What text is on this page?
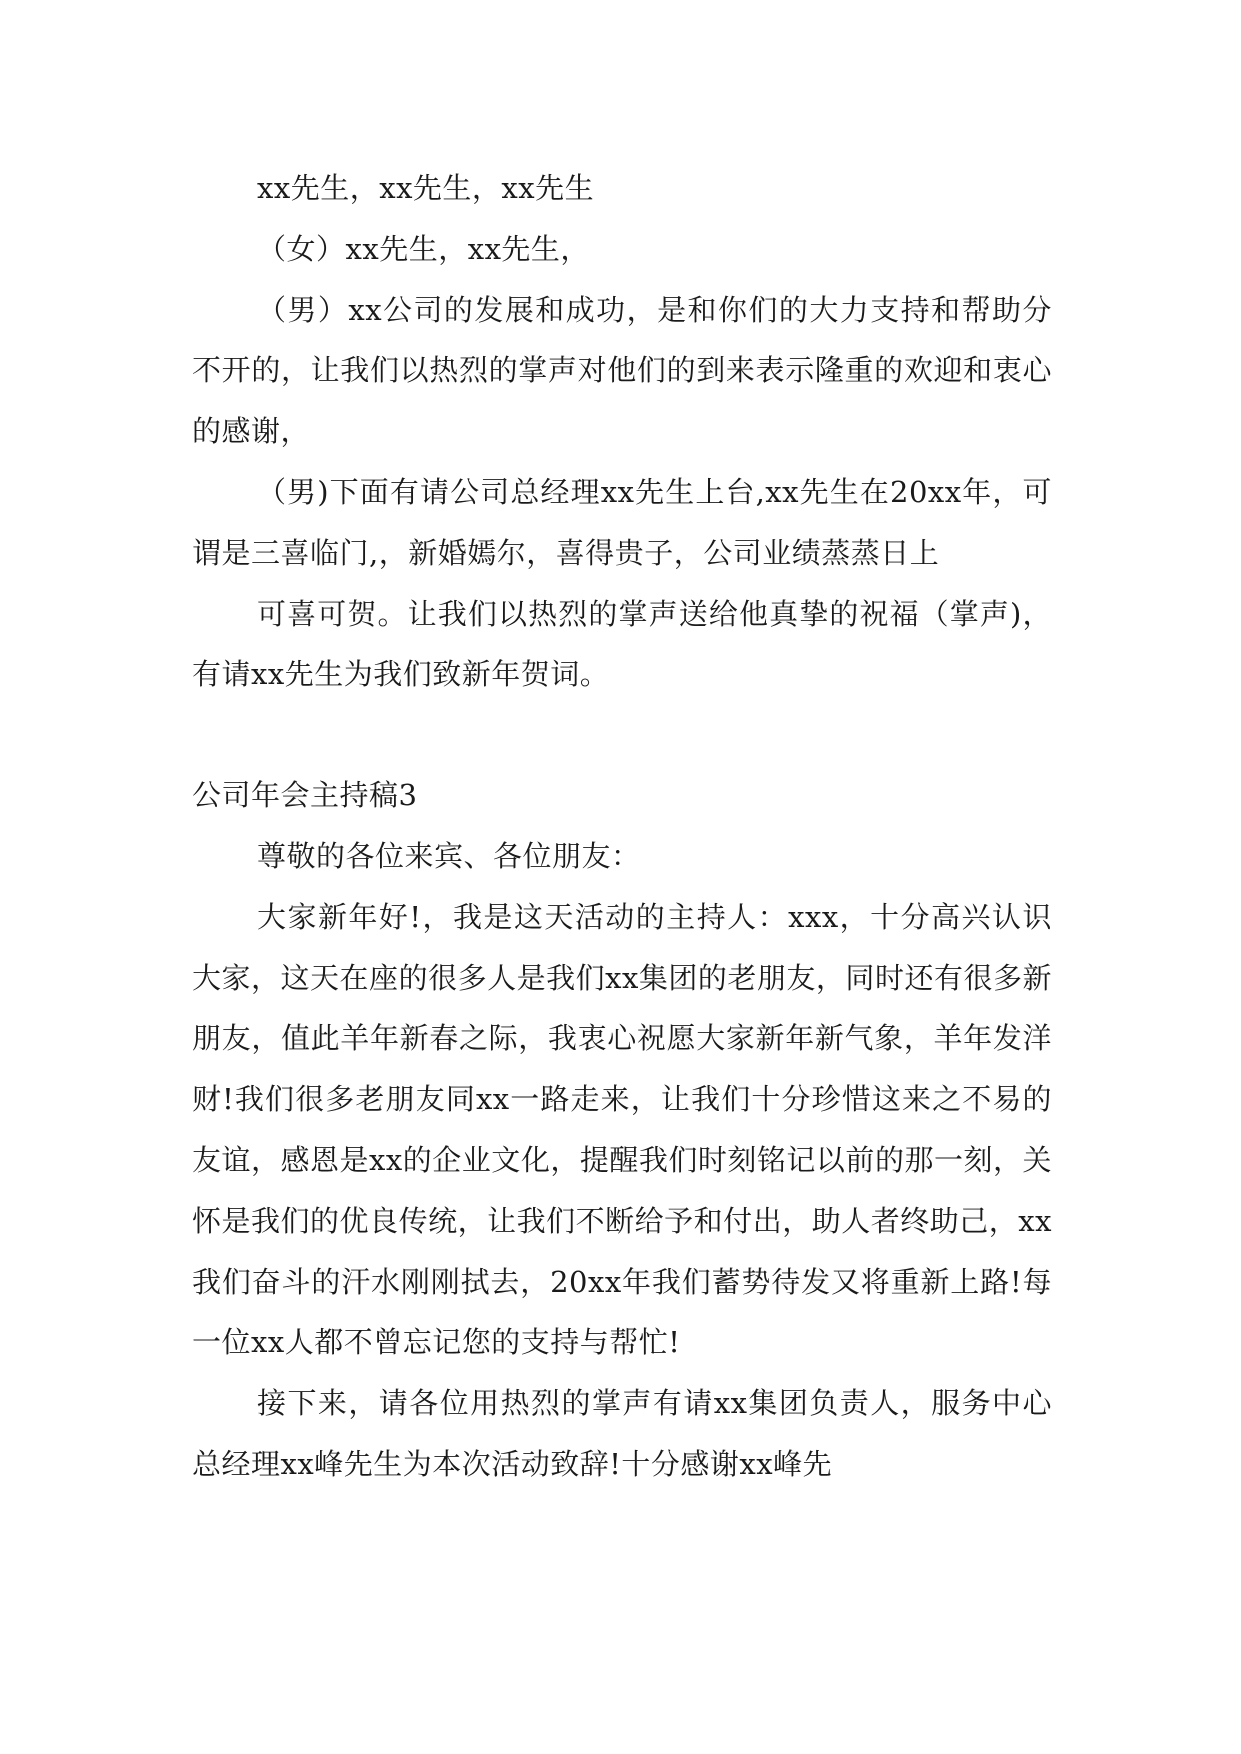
xx先生，xx先生，xx先生

（女）xx先生，xx先生，

（男）xx公司的发展和成功，是和你们的大力支持和帮助分不开的，让我们以热烈的掌声对他们的到来表示隆重的欢迎和衷心的感谢，

（男)下面有请公司总经理xx先生上台,xx先生在20xx年，可谓是三喜临门,，新婚嫣尔，喜得贵子，公司业绩蒸蒸日上

可喜可贺。让我们以热烈的掌声送给他真挚的祝福（掌声)，有请xx先生为我们致新年贺词。

公司年会主持稿3

尊敬的各位来宾、各位朋友：

大家新年好!，我是这天活动的主持人：xxx，十分高兴认识大家，这天在座的很多人是我们xx集团的老朋友，同时还有很多新朋友，值此羊年新春之际，我衷心祝愿大家新年新气象，羊年发洋财!我们很多老朋友同xx一路走来，让我们十分珍惜这来之不易的友谊，感恩是xx的企业文化，提醒我们时刻铭记以前的那一刻，关怀是我们的优良传统，让我们不断给予和付出，助人者终助己，xx我们奋斗的汗水刚刚拭去，20xx年我们蓄势待发又将重新上路!每一位xx人都不曾忘记您的支持与帮忙!

接下来，请各位用热烈的掌声有请xx集团负责人，服务中心总经理xx峰先生为本次活动致辞!十分感谢xx峰先
